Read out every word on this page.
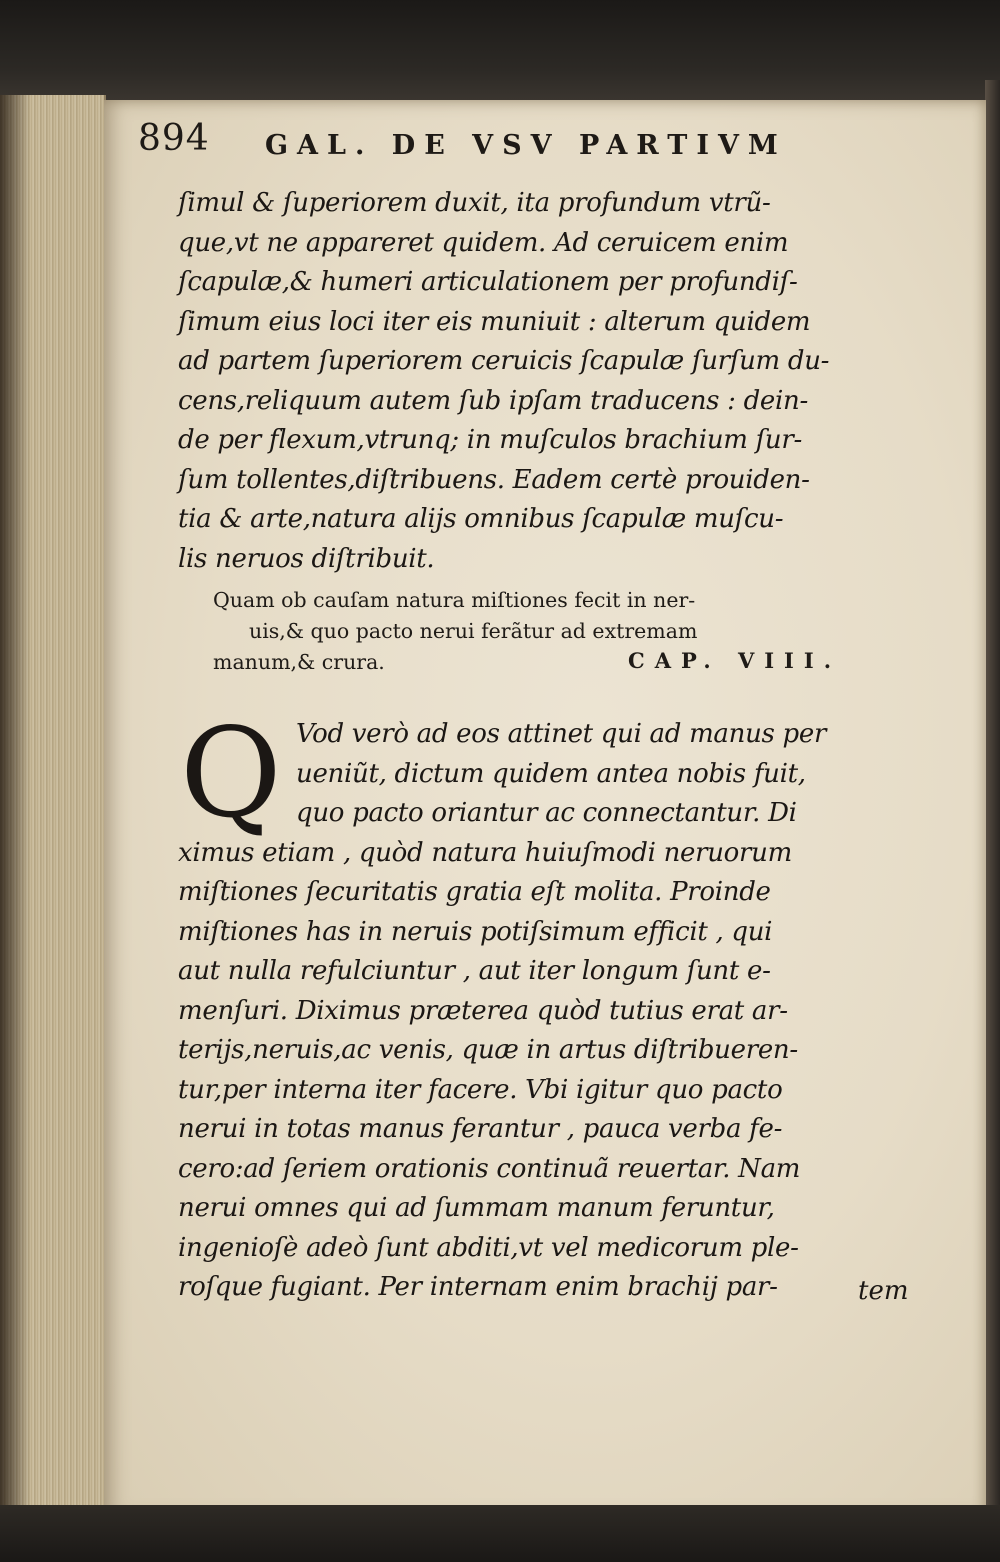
894 GAL. DE VSV PARTIVM
ſimul & ſuperiorem duxit, ita profundum vtrũ-
que,vt ne appareret quidem. Ad ceruicem enim
ſcapulæ,& humeri articulationem per profundiſ-
ſimum eius loci iter eis muniuit : alterum quidem
ad partem ſuperiorem ceruicis ſcapulæ ſurſum du-
cens,reliquum autem ſub ipſam traducens : dein-
de per flexum,vtrunq; in muſculos brachium ſur-
ſum tollentes,diſtribuens. Eadem certè prouiden-
tia & arte,natura alijs omnibus ſcapulæ muſcu-
lis neruos diſtribuit.
Quam ob cauſam natura miſtiones fecit in ner-
uis,& quo pacto nerui ferãtur ad extremam
manum,& crura.	CAP. VIII.
Q Vod verò ad eos attinet qui ad manus per
ueniũt, dictum quidem antea nobis fuit,
quo pacto oriantur ac connectantur. Di
ximus etiam , quòd natura huiuſmodi neruorum
miſtiones ſecuritatis gratia eſt molita. Proinde
miſtiones has in neruis potiſsimum efficit , qui
aut nulla refulciuntur , aut iter longum ſunt e-
menſuri. Diximus præterea quòd tutius erat ar-
terijs,neruis,ac venis, quæ in artus diſtribueren-
tur,per interna iter facere. Vbi igitur quo pacto
nerui in totas manus ferantur , pauca verba fe-
cero:ad ſeriem orationis continuã reuertar. Nam
nerui omnes qui ad ſummam manum feruntur,
ingenioſè adeò ſunt abditi,vt vel medicorum ple-
roſque fugiant. Per internam enim brachij par-	tem
